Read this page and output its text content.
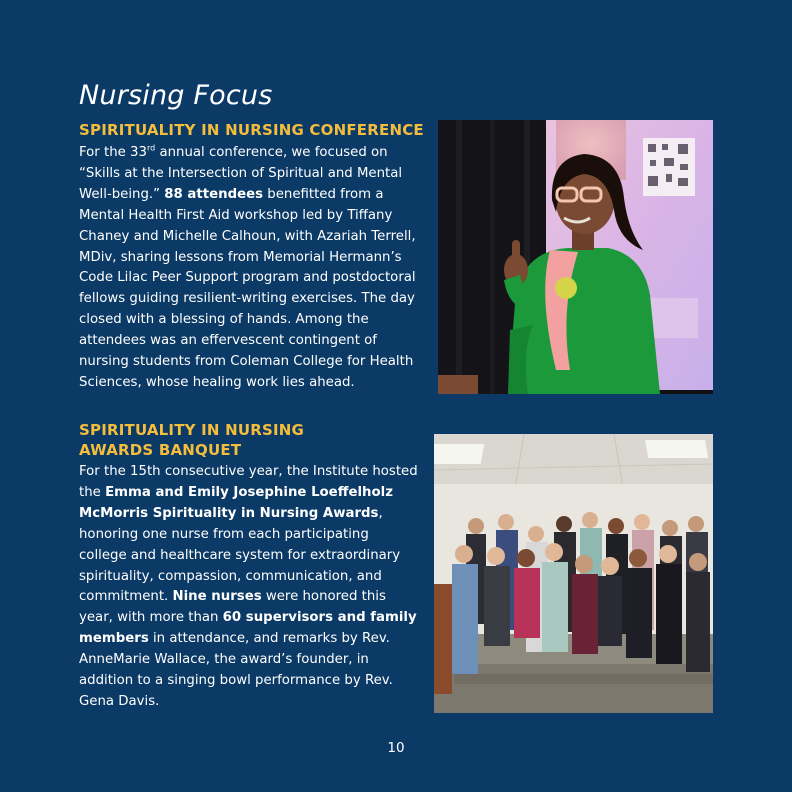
Nursing Focus
SPIRITUALITY IN NURSING CONFERENCE
For the 33rd annual conference, we focused on “Skills at the Intersection of Spiritual and Mental Well-being.” 88 attendees benefitted from a Mental Health First Aid workshop led by Tiffany Chaney and Michelle Calhoun, with Azariah Terrell, MDiv, sharing lessons from Memorial Hermann’s Code Lilac Peer Support program and postdoctoral fellows guiding resilient-writing exercises. The day closed with a blessing of hands. Among the attendees was an effervescent contingent of nursing students from Coleman College for Health Sciences, whose healing work lies ahead.
SPIRITUALITY IN NURSING
AWARDS BANQUET
For the 15th consecutive year, the Institute hosted the Emma and Emily Josephine Loeffelholz McMorris Spirituality in Nursing Awards, honoring one nurse from each participating college and healthcare system for extraordinary spirituality, compassion, communication, and commitment. Nine nurses were honored this year, with more than 60 supervisors and family members in attendance, and remarks by Rev. AnneMarie Wallace, the award’s founder, in addition to a singing bowl performance by Rev. Gena Davis.
10
